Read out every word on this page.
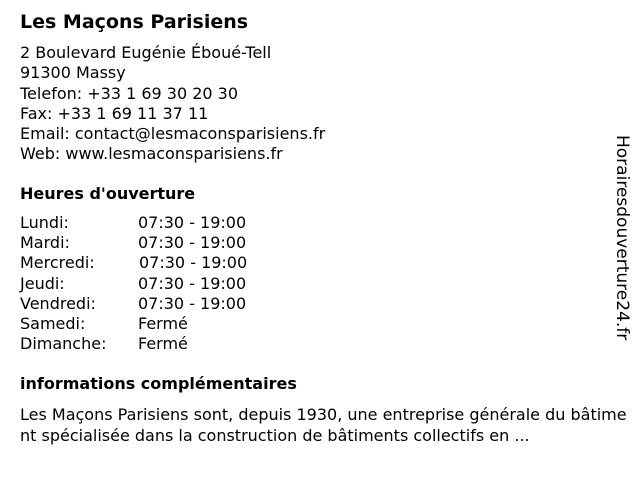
Les Maçons Parisiens
2 Boulevard Eugénie Éboué-Tell
91300 Massy
Telefon: +33 1 69 30 20 30
Fax: +33 1 69 11 37 11
Email: contact@lesmaconsparisiens.fr
Web: www.lesmaconsparisiens.fr
Heures d'ouverture
Lundi:	07:30 - 19:00
Mardi:	07:30 - 19:00
Mercredi:	07:30 - 19:00
Jeudi:	07:30 - 19:00
Vendredi:	07:30 - 19:00
Samedi:	Fermé
Dimanche: Fermé
informations complémentaires
Les Maçons Parisiens sont, depuis 1930, une entreprise générale du bâtiment spécialisée dans la construction de bâtiments collectifs en ...
Horairesdouverture24.fr
